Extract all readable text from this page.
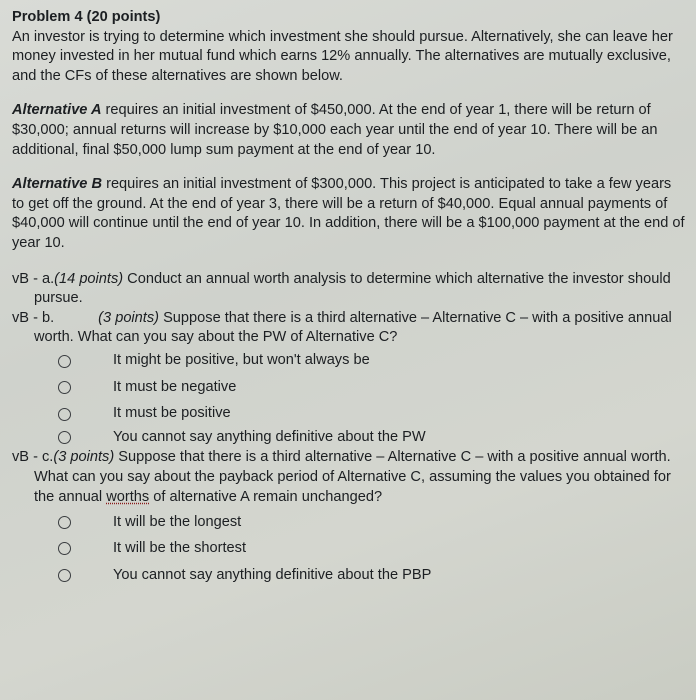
Problem 4 (20 points)

An investor is trying to determine which investment she should pursue. Alternatively, she can leave her money invested in her mutual fund which earns 12% annually. The alternatives are mutually exclusive, and the CFs of these alternatives are shown below.

Alternative A requires an initial investment of $450,000. At the end of year 1, there will be return of $30,000; annual returns will increase by $10,000 each year until the end of year 10. There will be an additional, final $50,000 lump sum payment at the end of year 10.

Alternative B requires an initial investment of $300,000. This project is anticipated to take a few years to get off the ground. At the end of year 3, there will be a return of $40,000. Equal annual payments of $40,000 will continue until the end of year 10. In addition, there will be a $100,000 payment at the end of year 10.

vB - a.(14 points) Conduct an annual worth analysis to determine which alternative the investor should pursue.

vB - b.	(3 points) Suppose that there is a third alternative – Alternative C – with a positive annual worth. What can you say about the PW of Alternative C?

It might be positive, but won't always be
It must be negative
It must be positive
You cannot say anything definitive about the PW

vB - c.(3 points) Suppose that there is a third alternative – Alternative C – with a positive annual worth. What can you say about the payback period of Alternative C, assuming the values you obtained for the annual worths of alternative A remain unchanged?

It will be the longest
It will be the shortest
You cannot say anything definitive about the PBP
